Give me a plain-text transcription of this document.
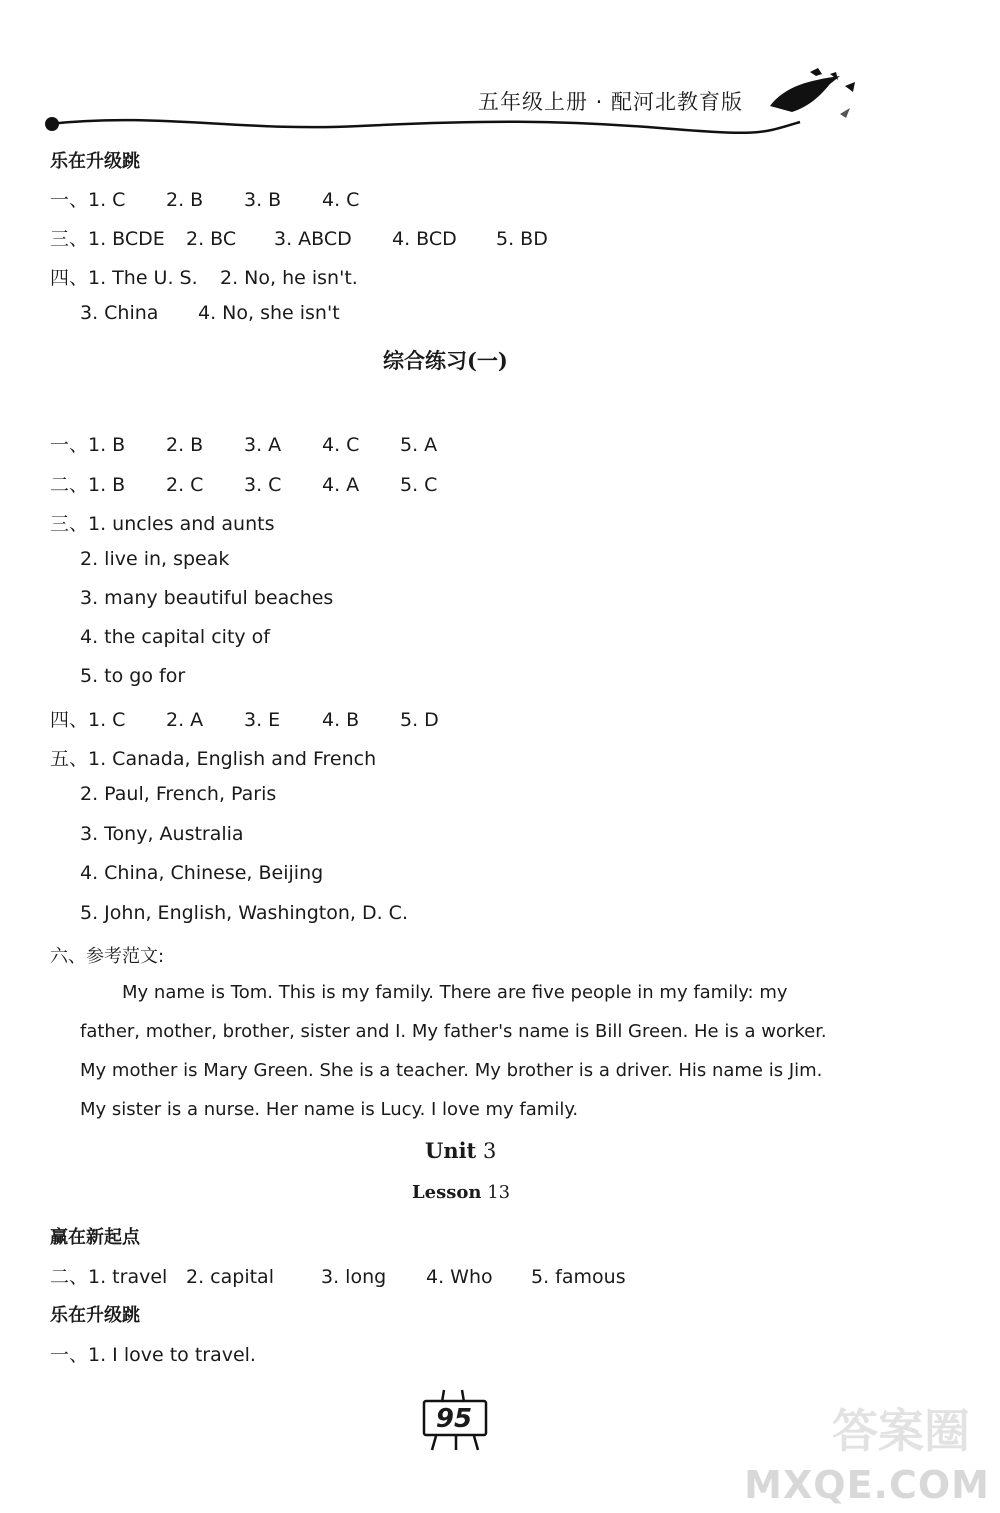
五年级上册 · 配河北教育版
乐在升级跳
一、1. C 2. B 3. B 4. C
三、1. BCDE 2. BC 3. ABCD 4. BCD 5. BD
四、1. The U. S. 2. No, he isn't.
3. China 4. No, she isn't
综合练习(一)
一、1. B 2. B 3. A 4. C 5. A
二、1. B 2. C 3. C 4. A 5. C
三、1. uncles and aunts
2. live in, speak
3. many beautiful beaches
4. the capital city of
5. to go for
四、1. C 2. A 3. E 4. B 5. D
五、1. Canada, English and French
2. Paul, French, Paris
3. Tony, Australia
4. China, Chinese, Beijing
5. John, English, Washington, D. C.
六、参考范文:
My name is Tom. This is my family. There are five people in my family: my
father, mother, brother, sister and I. My father's name is Bill Green. He is a worker.
My mother is Mary Green. She is a teacher. My brother is a driver. His name is Jim.
My sister is a nurse. Her name is Lucy. I love my family.
Unit 3
Lesson 13
赢在新起点
二、1. travel 2. capital 3. long 4. Who 5. famous
乐在升级跳
一、1. I love to travel.
95	答案圈
MXQE.COM
